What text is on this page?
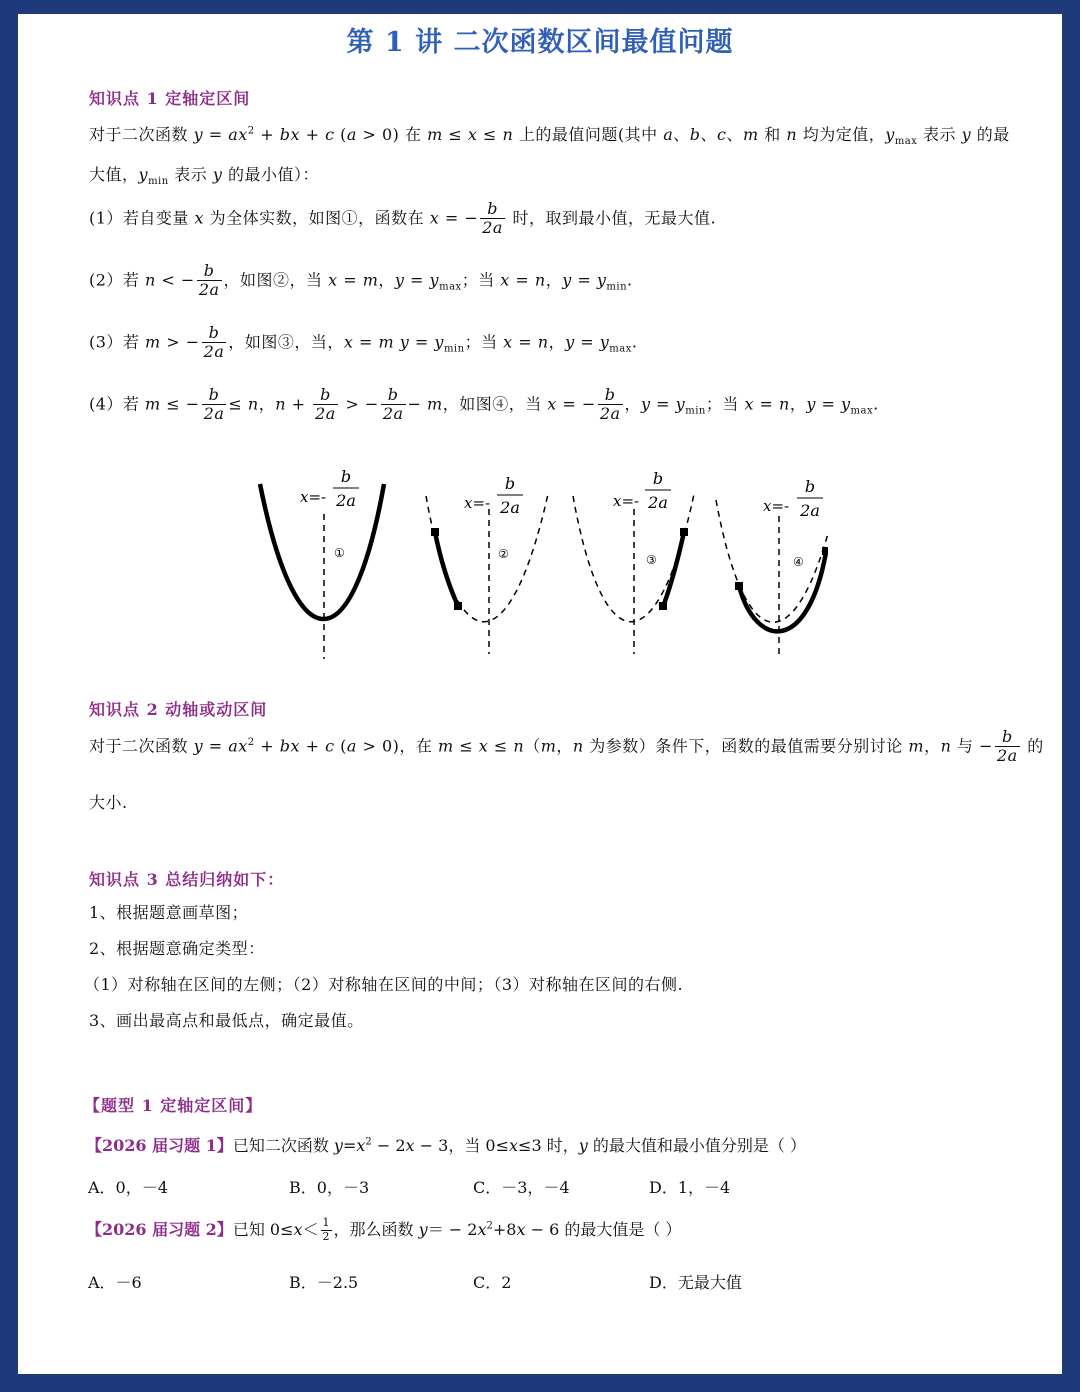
第 1 讲 二次函数区间最值问题
知识点 1 定轴定区间
对于二次函数 $y = ax^2$ + bx + c (a > 0) 在 m ≤ x ≤ n 上的最值问题(其中 a、b、c、m 和 n 均为定值，$y_{max}$ 表示 y 的最
大值，$y_{min}$ 表示 y 的最小值）：
(1）若自变量 x 为全体实数，如图①，函数在 x = − $\frac{b}{2a}$ 时，取到最小值，无最大值.
(2）若 n < − $\frac{b}{2a}$ ，如图②，当 x = m，$y = y_{max}$；当 x = n，$y = y_{min}$.
(3）若 m > − $\frac{b}{2a}$ ，如图③，当，x = m $y = y_{min}$；当 x = n，$y = y_{max}$.
(4）若 m ≤ − $\frac{b}{2a} \le n$，$n + \frac{b}{2a}$ > − $\frac{b}{2a} - m$，如图④，当 x = − $\frac{b}{2a}$ ，$y = y_{min}$；当 x = n，$y = y_{max}$.
x=-
b
2a
①
x=-
b
2a
②
x=-
b
2a
③
x=-
b
2a
④
知识点 2 动轴或动区间
对于二次函数 $y = ax^2$ + bx + c (a > 0)，在 m ≤ x ≤ n（m，n 为参数）条件下，函数的最值需要分别讨论 m，n 与 − $\frac{b}{2a}$ 的
大小.
知识点 3 总结归纳如下：
1、根据题意画草图；
2、根据题意确定类型：
（1）对称轴在区间的左侧；（2）对称轴在区间的中间；（3）对称轴在区间的右侧.
3、画出最高点和最低点，确定最值。
【题型 1 定轴定区间】
【2026 届习题 1】已知二次函数 $y=x^2 - 2x - 3$，当 0≤x≤3 时，y 的最大值和最小值分别是（ ）
A．0，－4	B．0，－3	C．－3，－4	D．1，－4
【2026 届习题 2】已知 $0\le x< \frac{1}{2}$ ，那么函数 $y= - 2x^2+8x - 6$ 的最大值是（ ）
A．－6	B．－2.5	C．2	D．无最大值
